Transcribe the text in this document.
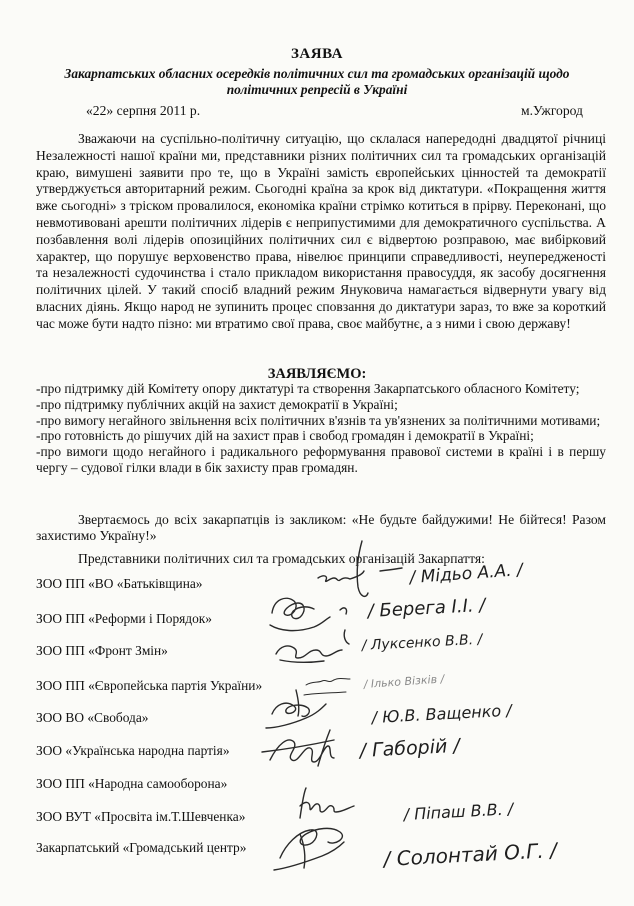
ЗАЯВА
Закарпатських обласних осередків політичних сил та громадських організацій щодо політичних репресій в Україні
«22» серпня 2011 р.	м.Ужгород
Зважаючи на суспільно-політичну ситуацію, що склалася напередодні двадцятої річниці Незалежності нашої країни ми, представники різних політичних сил та громадських організацій краю, вимушені заявити про те, що в Україні замість європейських цінностей та демократії утверджується авторитарний режим. Сьогодні країна за крок від диктатури. «Покращення життя вже сьогодні» з тріском провалилося, економіка країни стрімко котиться в прірву. Переконані, що невмотивовані арешти політичних лідерів є неприпустимими для демократичного суспільства. А позбавлення волі лідерів опозиційних політичних сил є відвертою розправою, має вибірковий характер, що порушує верховенство права, нівелює принципи справедливості, неупередженості та незалежності судочинства і стало прикладом використання правосуддя, як засобу досягнення політичних цілей. У такий спосіб владний режим Януковича намагається відвернути увагу від власних діянь. Якщо народ не зупинить процес сповзання до диктатури зараз, то вже за короткий час може бути надто пізно: ми втратимо свої права, своє майбутнє, а з ними і свою державу!
ЗАЯВЛЯЄМО:
-про підтримку дій Комітету опору диктатурі та створення Закарпатського обласного Комітету;
-про підтримку публічних акцій на захист демократії в Україні;
-про вимогу негайного звільнення всіх політичних в'язнів та ув'язнених за політичними мотивами;
-про готовність до рішучих дій на захист прав і свобод громадян і демократії в Україні;
-про вимоги щодо негайного і радикального реформування правової системи в країні і в першу чергу – судової гілки влади в бік захисту прав громадян.
Звертаємось до всіх закарпатців із закликом: «Не будьте байдужими! Не бійтеся! Разом захистимо Україну!»
Представники політичних сил та громадських організацій Закарпаття:
ЗОО ПП «ВО «Батьківщина»
ЗОО ПП «Реформи і Порядок»
ЗОО ПП «Фронт Змін»
ЗОО ПП «Європейська партія України»
ЗОО ВО «Свобода»
ЗОО «Українська народна партія»
ЗОО ПП «Народна самооборона»
ЗОО ВУТ «Просвіта ім.Т.Шевченка»
Закарпатський «Громадський центр»
/ Мідьо А.А. /
/ Берега І.І. /
/ Луксенко В.В. /
/ Ілько Візків /
/ Ю.В. Ващенко /
/ Габорій /
/ Піпаш В.В. /
/ Солонтай О.Г. /
